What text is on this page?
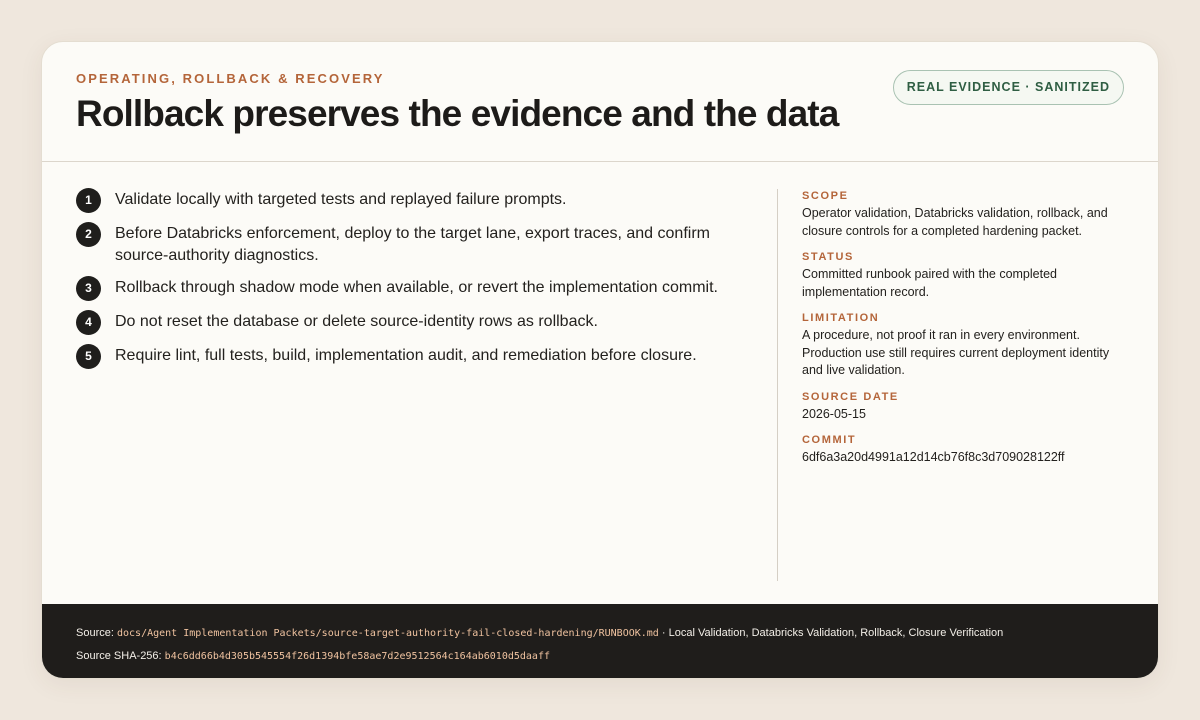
OPERATING, ROLLBACK & RECOVERY
Rollback preserves the evidence and the data
REAL EVIDENCE · SANITIZED
1	Validate locally with targeted tests and replayed failure prompts.
2	Before Databricks enforcement, deploy to the target lane, export traces, and confirm source-authority diagnostics.
3	Rollback through shadow mode when available, or revert the implementation commit.
4	Do not reset the database or delete source-identity rows as rollback.
5	Require lint, full tests, build, implementation audit, and remediation before closure.
SCOPE
Operator validation, Databricks validation, rollback, and closure controls for a completed hardening packet.
STATUS
Committed runbook paired with the completed implementation record.
LIMITATION
A procedure, not proof it ran in every environment. Production use still requires current deployment identity and live validation.
SOURCE DATE
2026-05-15
COMMIT
6df6a3a20d4991a12d14cb76f8c3d709028122ff
Source: docs/Agent Implementation Packets/source-target-authority-fail-closed-hardening/RUNBOOK.md · Local Validation, Databricks Validation, Rollback, Closure Verification
Source SHA-256: b4c6dd66b4d305b545554f26d1394bfe58ae7d2e9512564c164ab6010d5daaff
